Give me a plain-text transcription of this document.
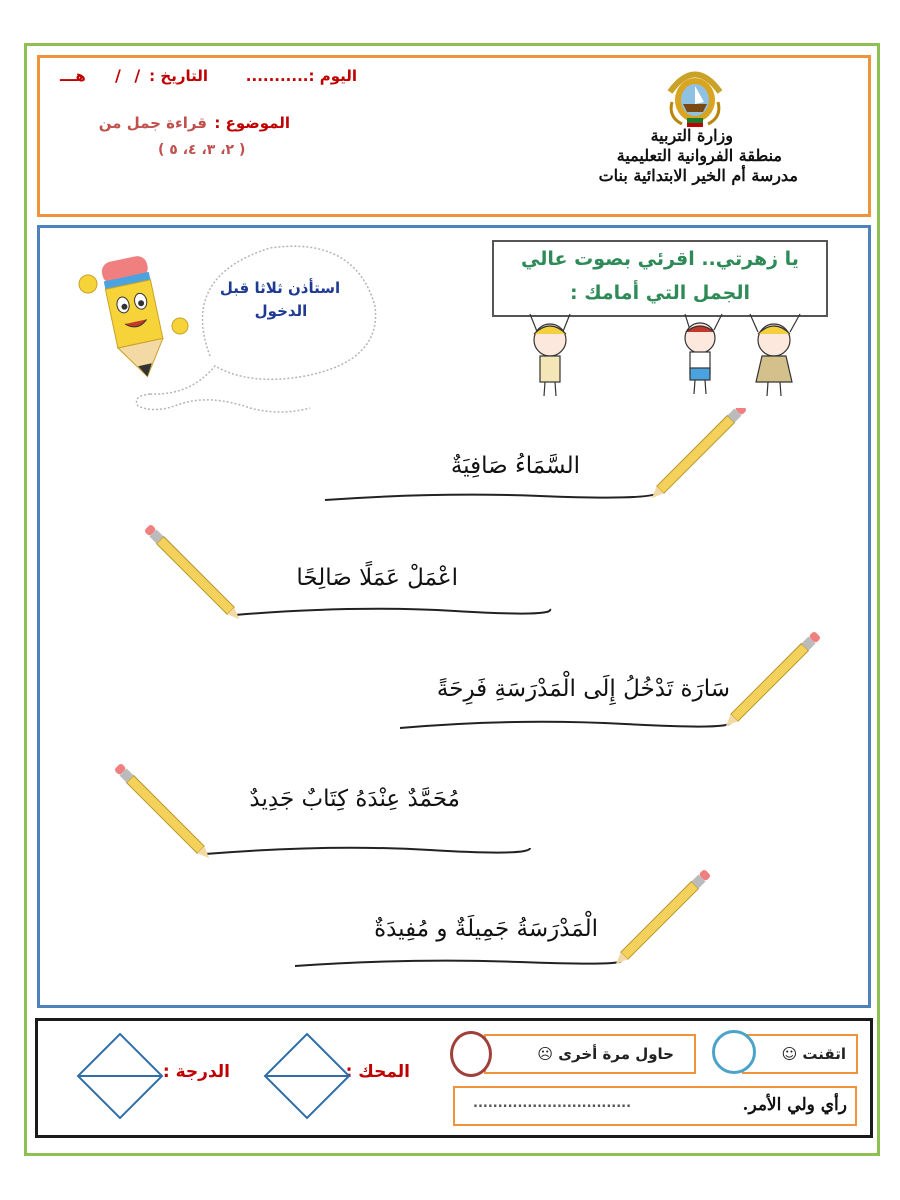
وزارة التربية
منطقة الفروانية التعليمية
مدرسة أم الخير الابتدائية بنات
اليوم :...........
التاريخ :
/ /
هـــ
الموضوع :
قراءة جمل من
( ٢، ٣، ٤، ٥ )
استأذن ثلاثا قبل
الدخول
يا زهرتي.. اقرئي بصوت عالي
الجمل التي أمامك :
السَّمَاءُ صَافِيَةٌ
اعْمَلْ عَمَلًا صَالِحًا
سَارَة تَدْخُلُ إِلَى الْمَدْرَسَةِ فَرِحَةً
مُحَمَّدٌ عِنْدَهُ كِتَابٌ جَدِيدٌ
الْمَدْرَسَةُ جَمِيلَةٌ و مُفِيدَةٌ
اتقنت ☺
حاول مرة أخرى ☹
رأي ولي الأمر.
................................
المحك :
الدرجة :
